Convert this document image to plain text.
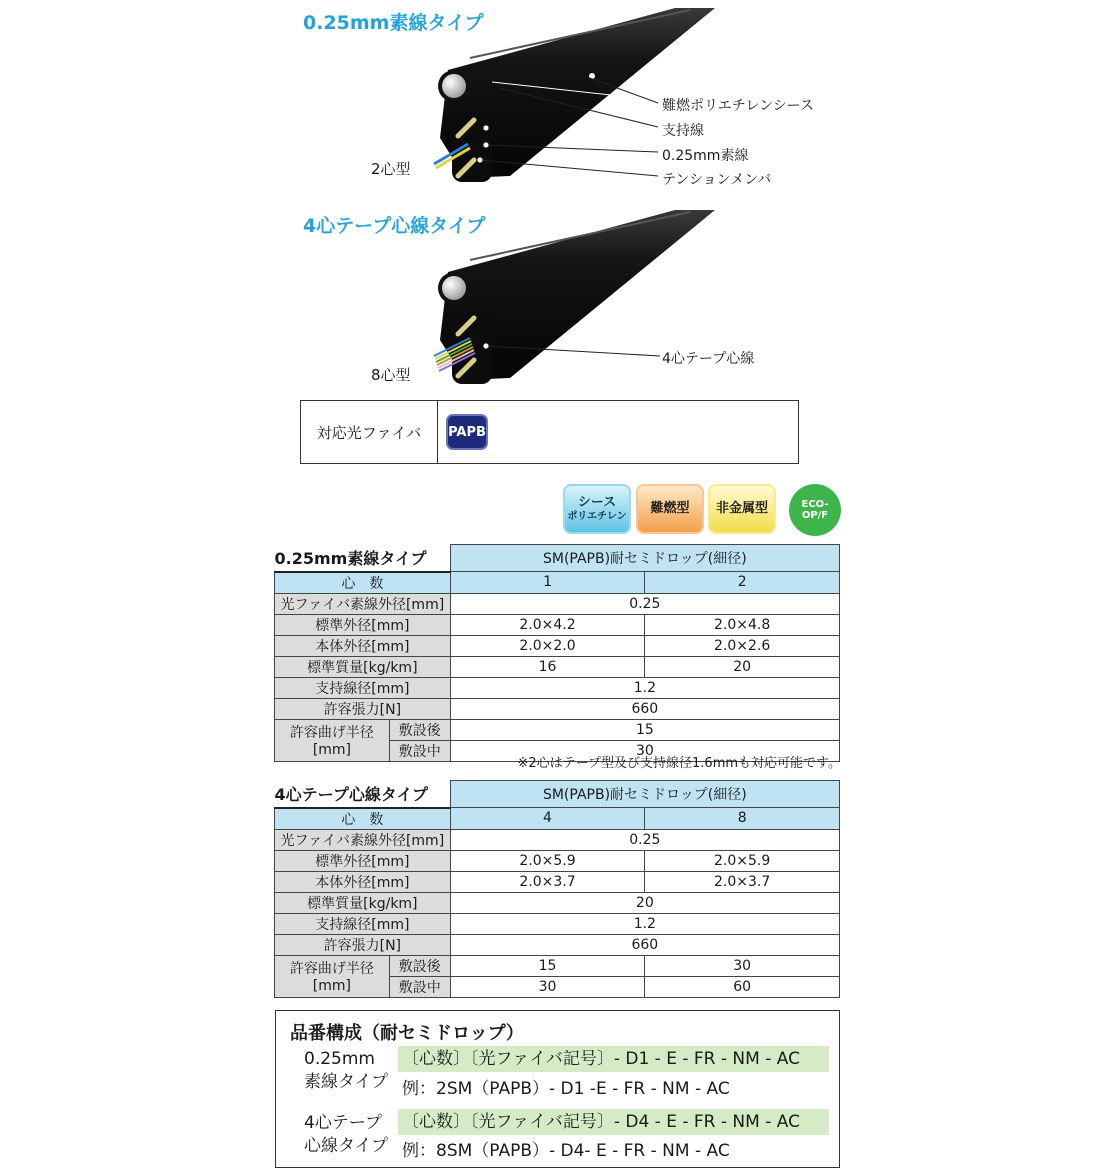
0.25mm素線タイプ
難燃ポリエチレンシース
支持線
0.25mm素線
テンションメンバ
2心型
4心テープ心線タイプ
4心テープ心線
8心型
対応光ファイバ	PAPB
シース
ポリエチレン
難燃型 非金属型	ECO-
OP/F
0.25mm素線タイプ		SM(PAPB)耐セミドロップ(細径)	
心　数		1	2
光ファイバ素線外径[mm]		0.25	
標準外径[mm]		2.0×4.2	2.0×4.8
本体外径[mm]		2.0×2.0	2.0×2.6
標準質量[kg/km]		16	20
支持線径[mm]		1.2	
許容張力[N]		660	

許容曲げ半径
[mm]	敷設後	15	
	敷設中	30	
※2心はテープ型及び支持線径1.6mmも対応可能です。
4心テープ心線タイプ		SM(PAPB)耐セミドロップ(細径)	
心　数		4	8
光ファイバ素線外径[mm]		0.25	
標準外径[mm]		2.0×5.9	2.0×5.9
本体外径[mm]		2.0×3.7	2.0×3.7
標準質量[kg/km]		20	
支持線径[mm]		1.2	
許容張力[N]		660	

許容曲げ半径
[mm]	敷設後	15	30
	敷設中	30	60
品番構成（耐セミドロップ）
0.25mm
素線タイプ
〔心数〕〔光ファイバ記号〕- D1 - E - FR - NM - AC
例：2SM（PAPB）- D1 -E - FR - NM - AC
4心テープ
心線タイプ
〔心数〕〔光ファイバ記号〕- D4 - E - FR - NM - AC
例：8SM（PAPB）- D4- E - FR - NM - AC
